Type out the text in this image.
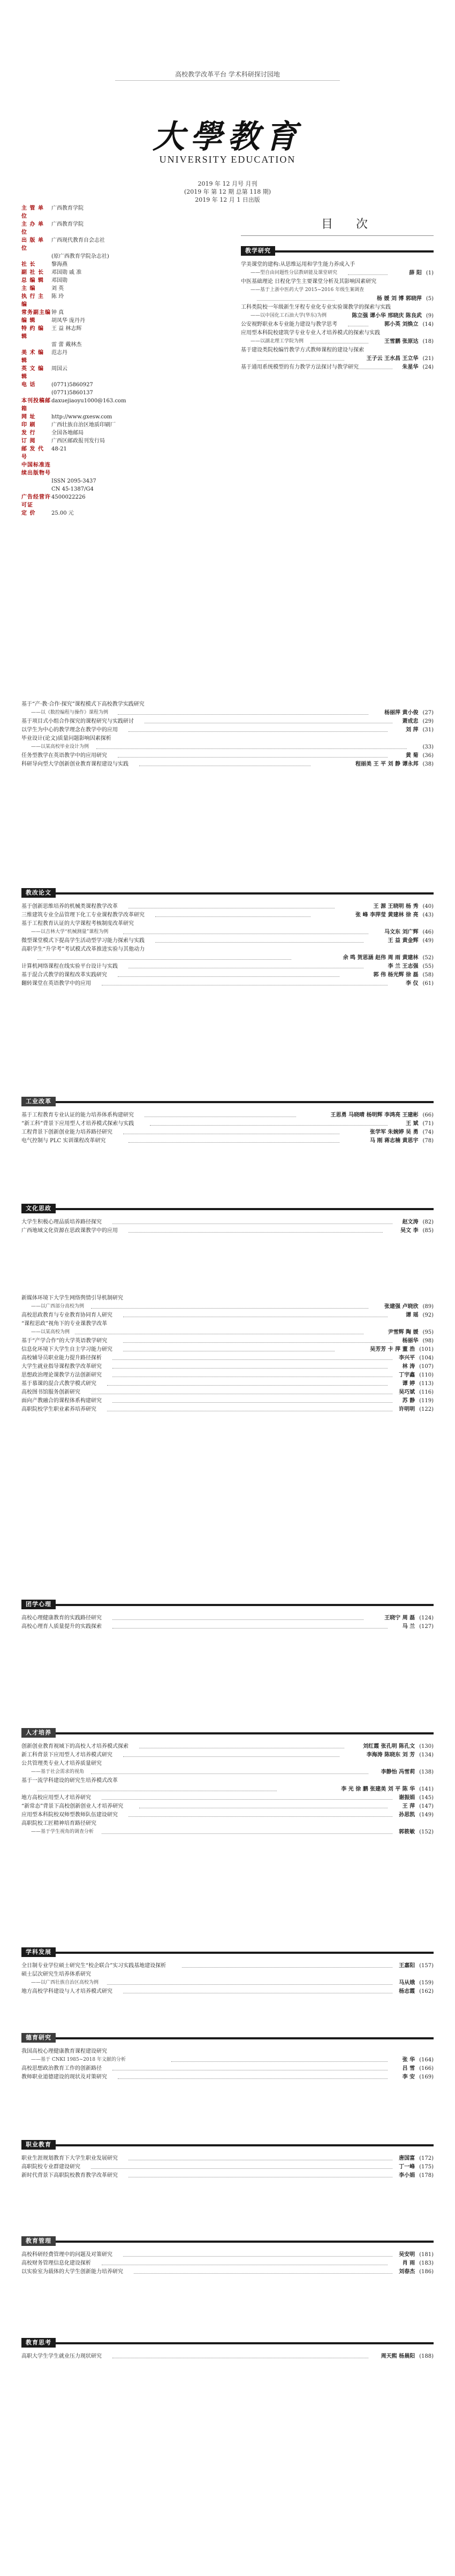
高校教学改革平台 学术科研探讨园地
大學教育
UNIVERSITY EDUCATION
2019 年 12 月号 月刊
(2019 年 第 12 期 总第 118 期)
2019 年 12 月 1 日出版
主 管 单 位
广西教育学院
主 办 单 位
广西教育学院
出 版 单 位
广西现代教育自会志社
(原广西教育学院杂志社)
社 长	黎海燕
副 社 长	邓国勋 戚 准
总 编 辑	邓国勋
主 编	刘 英
执 行 主 编
陈 玲
常务副主编 钟 真
编 辑	胡凤华 庞丹丹
特 约 编 辑
王 益 林志辉
雷 蕾 戴林杰
美 术 编 辑
范志丹
英 文 编 辑
周国云
电 话	(0771)5860927
(0771)5860137
本刊投稿邮箱
daxuejiaoyu1000@163.com
网 址	http://www.gxesw.com
印 刷	广西壮族自治区地质印刷厂
发 行	全国各地邮局
订 阅	广西区邮政报刊发行局
邮 发 代 号
48-21
中国标准连续出版物号
ISSN 2095-3437
CN 45-1387/G4
广告经营许可证
4500022226
定 价	25.00 元
目 次
教学研究
学美课堂的建构:从思维运用和学生能力养成入手
——型自由问题性分层教研能及课堂研究	薛 阳 (1)
中医基础理论 日程化学生主要课堂分析及其影响因素研究
——基于上浙中医药大学 2015~2016 年级生案调查
杨 媛 刘 博 郭晓萍 (5)
工科类院校一年级新生牙程专业化专业实验课教学的探索与实践
——以中国化工石油大学(华东)为例	陈立强 谭小华 邢晓庆 陈良武 (9)
公安视野职业本专业能力建设与教学思考	郭小英 刘焕立 (14)
应用型本科院校建筑学专业专业人才培养模式的探索与实践
——以湖北理工学院为例	王雪鹏 张原达 (18)
基于建设类院校编竹教学方式教师课程的建设与探索
王子云 王水昌 王立华 (21)
基于通用系统模型的有力教学方法探讨与教学研究	朱星华 (24)
基于“产·教·合作·探究”课程模式下高校教学实践研究
——以《数控编程与操作》课程为例	杨丽萍 黄小俊 (27)
基于项目式小组合作探究的课程研究与实践研讨	萧成忠 (29)
以学生为中心的教学理念在教学中的应用	刘 萍 (31)
毕业设计(论文)质量问题影响因素探析
——以某高校毕业设计为例	(33)
任务型教学在英语教学中的应用研究	黄 菊 (36)
科研导向型大学创新创业教育课程建设与实践	程丽美 王 平 刘 静 谭永邦 (38)
教改论文
基于创新思维培养的机械类课程教学改革	王 源 王晓明 杨 秀 (40)
三维建筑专业全品管理下化工专业课程教学改革研究	张 峰 李萍莹 黄建林 徐 亮 (43)
基于工程教育认证的大学课程考核制度改革研究
——以吉林大学“机械测量”课程为例	马文东 刘广辉 (46)
微型课堂模式下提高学生活动型学习能力探索与实践	王 益 黄金辉 (49)
高职学生“升学考”考试模式改革推进实验与其他动力
余 鸣 贺思涵 赵伟 周 雨 黄建林 (52)
计算机网络课程在线实验平台设计与实践	李 兰 王志强 (55)
基于混合式教学的课程改革实践研究	郭 伟 杨光辉 徐 磊 (58)
翻转课堂在英语教学中的应用	李 仪 (61)
工业改革
基于工程教育专业认证的能力培养体系构建研究	王思勇 马晓晴 杨明辉 李鸿亮 王建彬 (66)
“新工科”背景下应用型人才培养模式探索与实践	王 斌 (71)
工程背景下创新创业能力培养路径研究	张学军 朱婉婷 吴 勇 (74)
电气控制与 PLC 实训课程改革研究	马 刚 蒋志楠 黄思宇 (78)
文化思政
大学生积极心理品质培养路径探究	赵文涛 (82)
广西地域文化资源在思政课教学中的应用	吴文 李 (85)
新媒体环境下大学生网络舆情引导机制研究
——以广西部分高校为例	张建强 卢晓欣 (89)
高校思政教育与专业教育协同育人研究	谭 瑶 (92)
“课程思政”视角下的专业课教学改革
——以某高校为例	尹雪辉 陶 媛 (95)
基于“产学合作”的大学英语教学研究	杨丽华 (98)
信息化环境下大学生自主学习能力研究	吴芳芳 卡 萍 董 浩 (101)
高校辅导员职业能力提升路径探析	李兴平 (104)
大学生就业指导课程教学改革研究	林 涛 (107)
思想政治理论课教学方法创新研究	丁宇鑫 (110)
基于慕课的混合式教学模式研究	谭 婷 (113)
高校图书馆服务创新研究	吴巧斌 (116)
面向产教融合的课程体系构建研究	苏 静 (119)
高职院校学生职业素养培养研究	许明明 (122)
团学心理
高校心理健康教育的实践路径研究	王晓宁 周 磊 (124)
高校心理育人质量提升的实践探索	马 兰 (127)
人才培养
创新创业教育视域下的高校人才培养模式探索	刘红霞 张孔明 陈孔文 (130)
新工科背景下应用型人才培养模式研究	李海涛 陈晓东 刘 芳 (134)
公共管理类专业人才培养质量研究
——基于社会需求的视角	李静怡 冯雪莉 (138)
基于一流学科建设的研究生培养模式改革
李 光 徐 鹏 张建美 刘 平 陈 华 (141)
地方高校应用型人才培养研究	谢振娟 (145)
“新常态”背景下高校创新创业人才培养研究	王 萍 (147)
应用型本科院校双师型教师队伍建设研究	孙思凯 (149)
高职院校工匠精神培育路径研究
——基于学生视角的调查分析	郭筱敏 (152)
学科发展
全日制专业学位硕士研究生“校企联合”实习实践基地建设探析	王嘉阳 (157)
硕士层次研究生培养体系研究
——以广西壮族自治区高校为例	马从娥 (159)
地方高校学科建设与人才培养模式研究	杨志霞 (162)
德育研究
我国高校心理健康教育课程建设研究
——基于 CNKI 1985~2018 年文献的分析	张 华 (164)
高校思想政治教育工作的创新路径	吕 雪 (166)
教师职业道德建设的现状及对策研究	李 安 (169)
职业教育
职业生涯规划教育下大学生职业发展研究	唐国富 (172)
高职院校专业群建设研究	丁一峰 (175)
新时代背景下高职院校教育教学改革研究	李小娟 (178)
教育管理
高校科研经费管理中的问题及对策研究	吴安明 (181)
高校财务管理信息化建设探析	肖 雨 (183)
以实验室为载体的大学生创新能力培养研究	刘春杰 (186)
教育思考
高职大学生学生就业压力现状研究	周天熙 杨晨阳 (188)
